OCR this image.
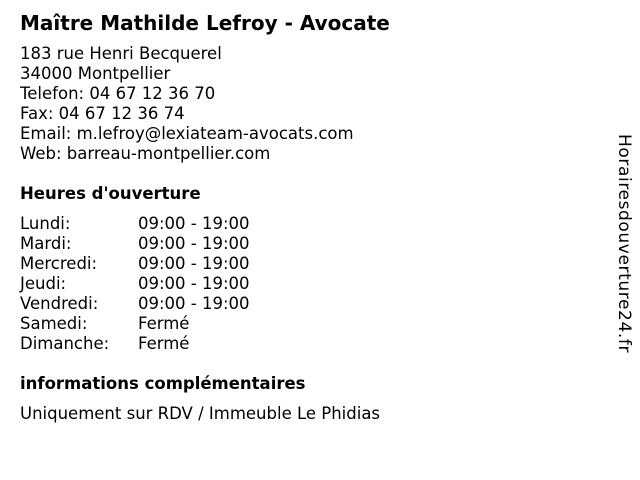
Maître Mathilde Lefroy - Avocate
183 rue Henri Becquerel
34000 Montpellier
Telefon: 04 67 12 36 70
Fax: 04 67 12 36 74
Email: m.lefroy@lexiateam-avocats.com
Web: barreau-montpellier.com
Heures d'ouverture
Lundi:	09:00 - 19:00
Mardi:	09:00 - 19:00
Mercredi:	09:00 - 19:00
Jeudi:	09:00 - 19:00
Vendredi:	09:00 - 19:00
Samedi:	Fermé
Dimanche:	Fermé
informations complémentaires
Uniquement sur RDV / Immeuble Le Phidias
Horairesdouverture24.fr
